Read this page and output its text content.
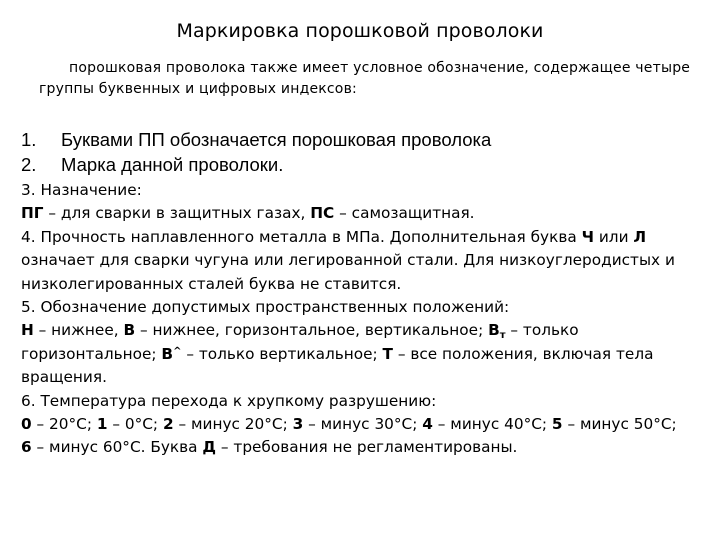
Маркировка порошковой проволоки
порошковая проволока также имеет условное обозначение, содержащее четыре
группы буквенных и цифровых индексов:
1. Буквами ПП обозначается порошковая проволока
2. Марка данной проволоки.
3. Назначение:
ПГ – для сварки в защитных газах, ПС – самозащитная.
4. Прочность наплавленного металла в МПа. Дополнительная буква Ч или Л
означает для сварки чугуна или легированной стали. Для низкоуглеродистых и
низколегированных сталей буква не ставится.
5. Обозначение допустимых пространственных положений:
Н – нижнее, В – нижнее, горизонтальное, вертикальное; $В_т$ – только
горизонтальное; В^ – только вертикальное; Т – все положения, включая тела
вращения.
6. Температура перехода к хрупкому разрушению:
0 – 20°С; 1 – 0°С; 2 – минус 20°С; 3 – минус 30°С; 4 – минус 40°С; 5 – минус 50°С;
6 – минус 60°С. Буква Д – требования не регламентированы.
